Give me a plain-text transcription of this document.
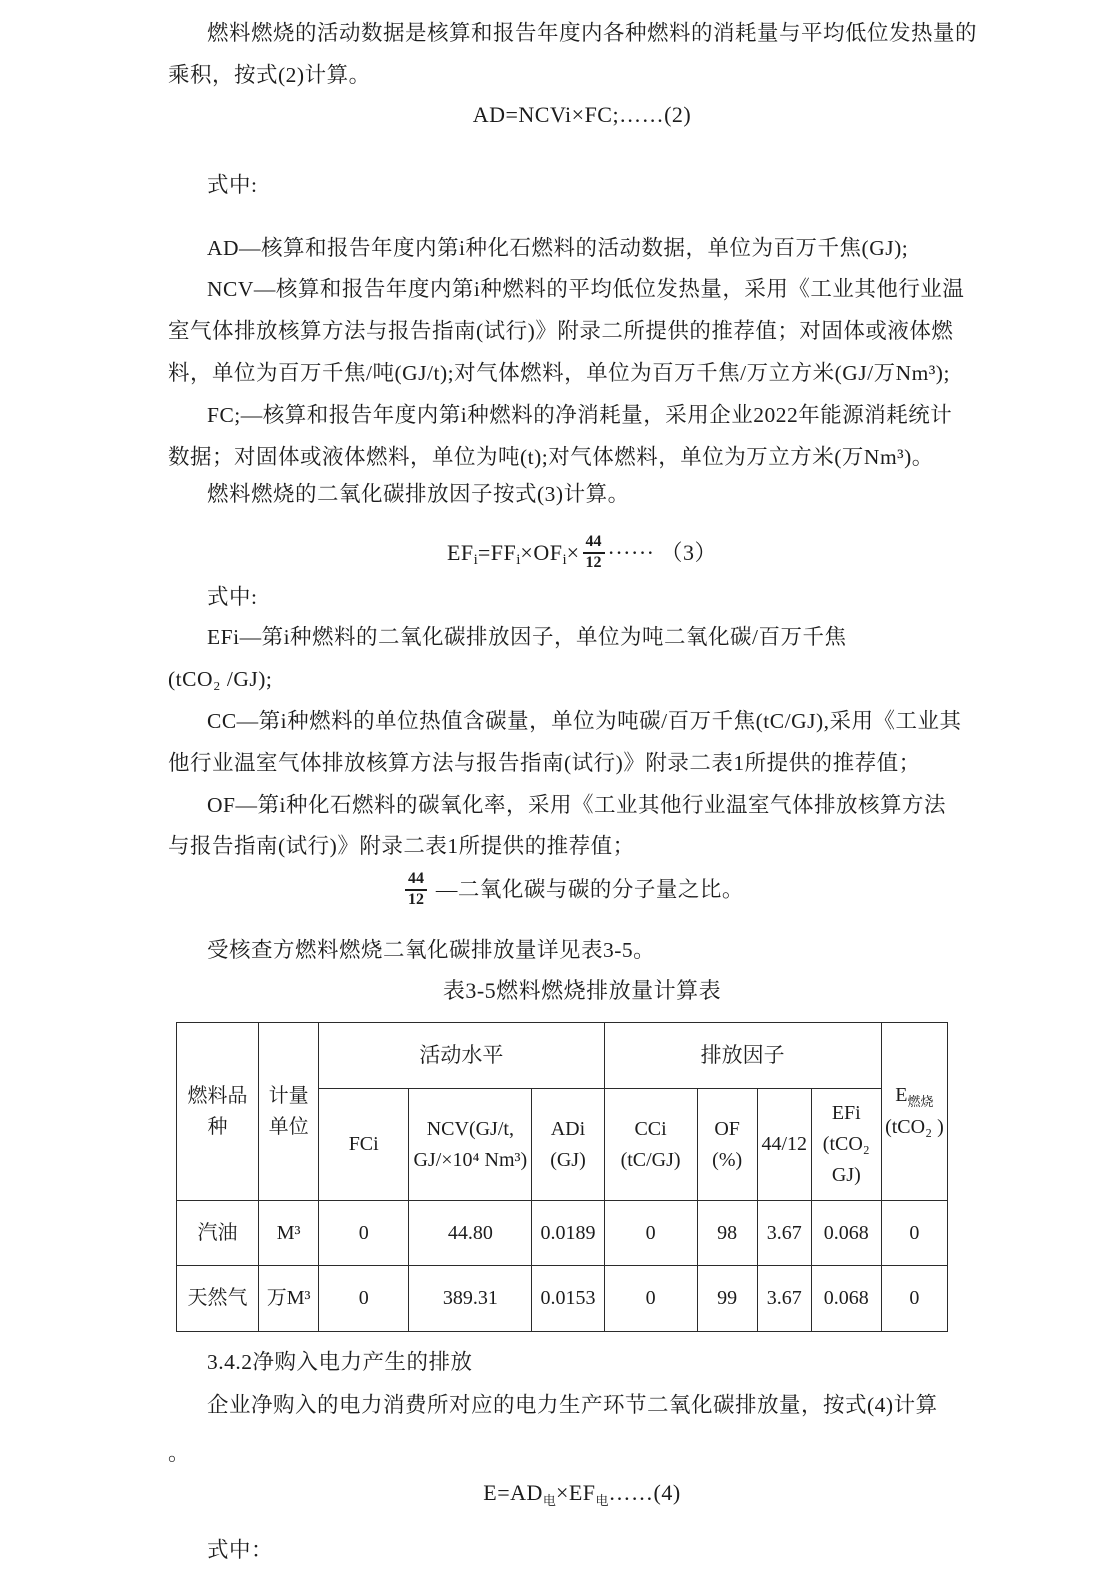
燃料燃烧的活动数据是核算和报告年度内各种燃料的消耗量与平均低位发热量的
乘积，按式(2)计算。
AD=NCVi×FC;……(2)
式中:
AD—核算和报告年度内第i种化石燃料的活动数据，单位为百万千焦(GJ);
NCV—核算和报告年度内第i种燃料的平均低位发热量，采用《工业其他行业温
室气体排放核算方法与报告指南(试行)》附录二所提供的推荐值；对固体或液体燃
料，单位为百万千焦/吨(GJ/t);对气体燃料，单位为百万千焦/万立方米(GJ/万Nm³);
FC;—核算和报告年度内第i种燃料的净消耗量，采用企业2022年能源消耗统计
数据；对固体或液体燃料，单位为吨(t);对气体燃料，单位为万立方米(万Nm³)。
燃料燃烧的二氧化碳排放因子按式(3)计算。
$EF_i=FF_i\times OF_i\times \frac{44}{12}$ ······ （3）
式中:
EFi—第i种燃料的二氧化碳排放因子，单位为吨二氧化碳/百万千焦
(tCO₂ /GJ);
CC—第i种燃料的单位热值含碳量，单位为吨碳/百万千焦(tC/GJ),采用《工业其
他行业温室气体排放核算方法与报告指南(试行)》附录二表1所提供的推荐值；
OF—第i种化石燃料的碳氧化率，采用《工业其他行业温室气体排放核算方法
与报告指南(试行)》附录二表1所提供的推荐值；
$\frac{44}{12}$ —二氧化碳与碳的分子量之比。
受核查方燃料燃烧二氧化碳排放量详见表3-5。
表3-5燃料燃烧排放量计算表
燃料品
种	计量
单位	活动水平			排放因子				$E_{燃烧}$
(tCO₂ )

		FCi	NCV(GJ/t,
GJ/×10⁴ Nm³)	ADi
(GJ)	CCi
(tC/GJ)	OF
(%)	44/12	EFi
(tCO₂
GJ)	

汽油	M³	0	44.80	0.0189	0	98	3.67	0.068	0
天然气	万M³	0	389.31	0.0153	0	99	3.67	0.068	0
3.4.2净购入电力产生的排放
企业净购入的电力消费所对应的电力生产环节二氧化碳排放量，按式(4)计算
。
$E=AD_电\times EF_电\dots\dots(4)$
式中：
